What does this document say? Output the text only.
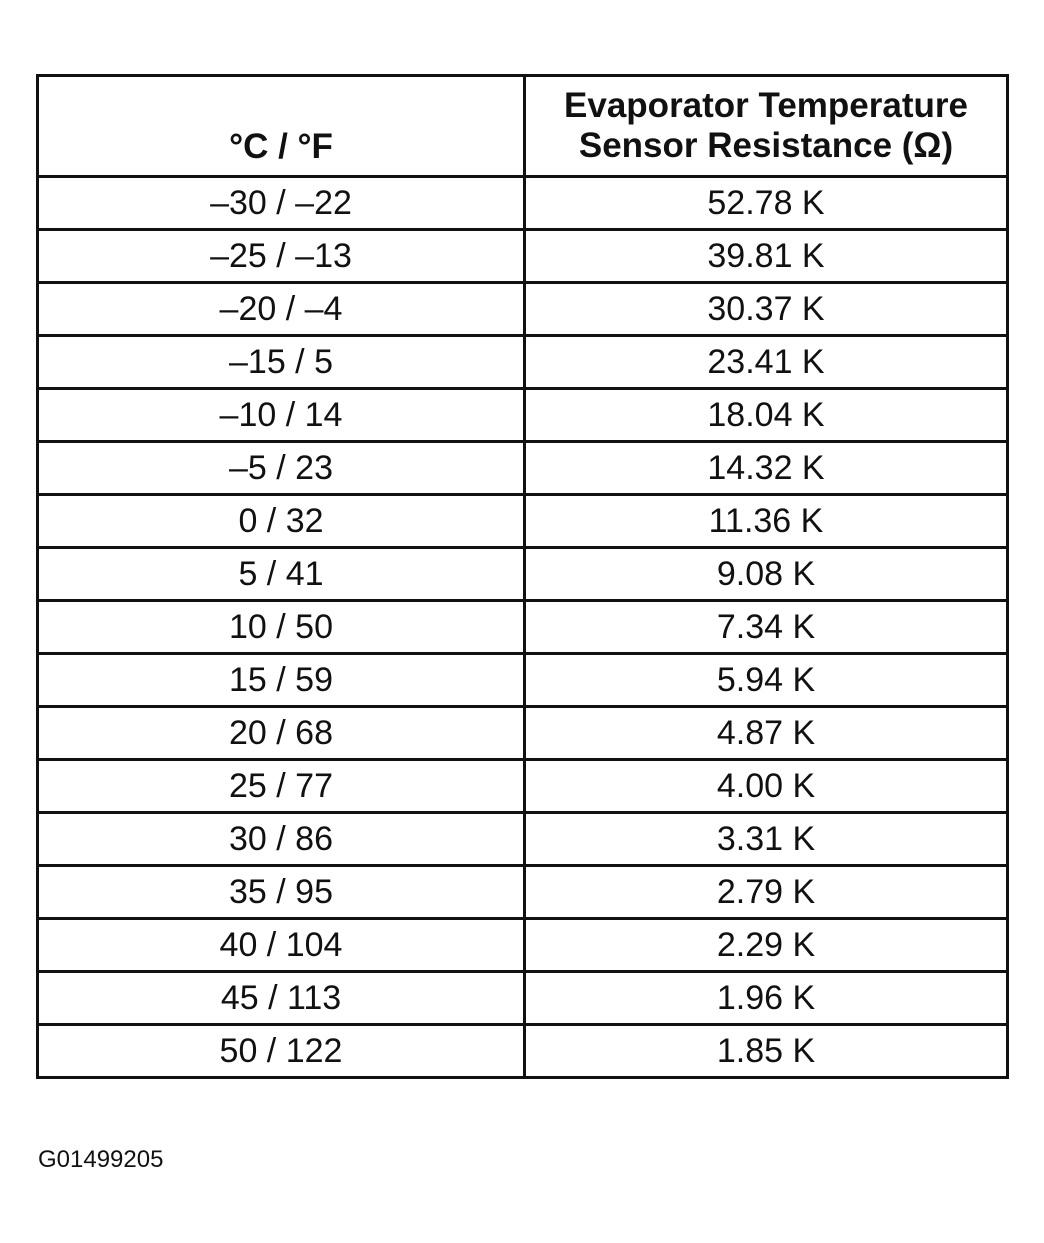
°C / °F	Evaporator Temperature
Sensor Resistance (Ω)

–30 / –22	52.78 K
–25 / –13	39.81 K
–20 / –4	30.37 K
–15 / 5	23.41 K
–10 / 14	18.04 K
–5 / 23	14.32 K
0 / 32	11.36 K
5 / 41	9.08 K
10 / 50	7.34 K
15 / 59	5.94 K
20 / 68	4.87 K
25 / 77	4.00 K
30 / 86	3.31 K
35 / 95	2.79 K
40 / 104	2.29 K
45 / 113	1.96 K
50 / 122	1.85 K
G01499205
